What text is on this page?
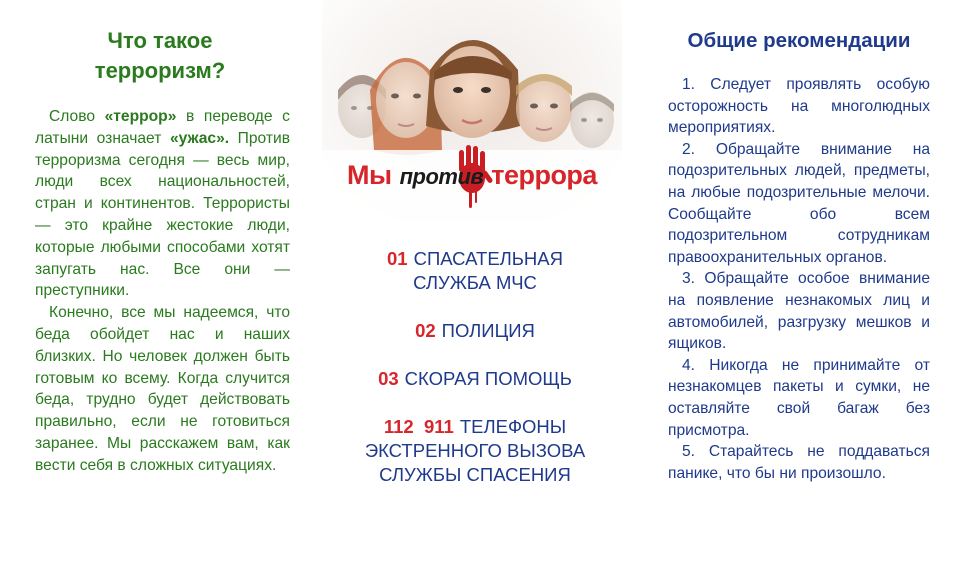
Что такое
терроризм?

Слово «террор» в переводе с латыни означает «ужас». Против терроризма сегодня — весь мир, люди всех национальностей, стран и континентов. Террористы — это крайне жестокие люди, которые любыми способами хотят запугать нас. Все они — преступники.

Конечно, все мы надеемся, что беда обойдет нас и наших близких. Но человек должен быть готовым ко всему. Когда случится беда, трудно будет действовать правильно, если не готовиться заранее. Мы расскажем вам, как вести себя в сложных ситуациях.

Мы против террора
01 СПАСАТЕЛЬНАЯ
СЛУЖБА МЧС
02 ПОЛИЦИЯ
03 СКОРАЯ ПОМОЩЬ
112  911 ТЕЛЕФОНЫ
ЭКСТРЕННОГО ВЫЗОВА
СЛУЖБЫ СПАСЕНИЯ
Общие рекомендации

1. Следует проявлять особую осторожность на многолюдных мероприятиях.

2. Обращайте внимание на подозрительных людей, предметы, на любые подозрительные мелочи. Сообщайте обо всем подозрительном сотрудникам правоохранительных органов.

3. Обращайте особое внимание на появление незнакомых лиц и автомобилей, разгрузку мешков и ящиков.

4. Никогда не принимайте от незнакомцев пакеты и сумки, не оставляйте свой багаж без присмотра.

5. Старайтесь не поддаваться панике, что бы ни произошло.
